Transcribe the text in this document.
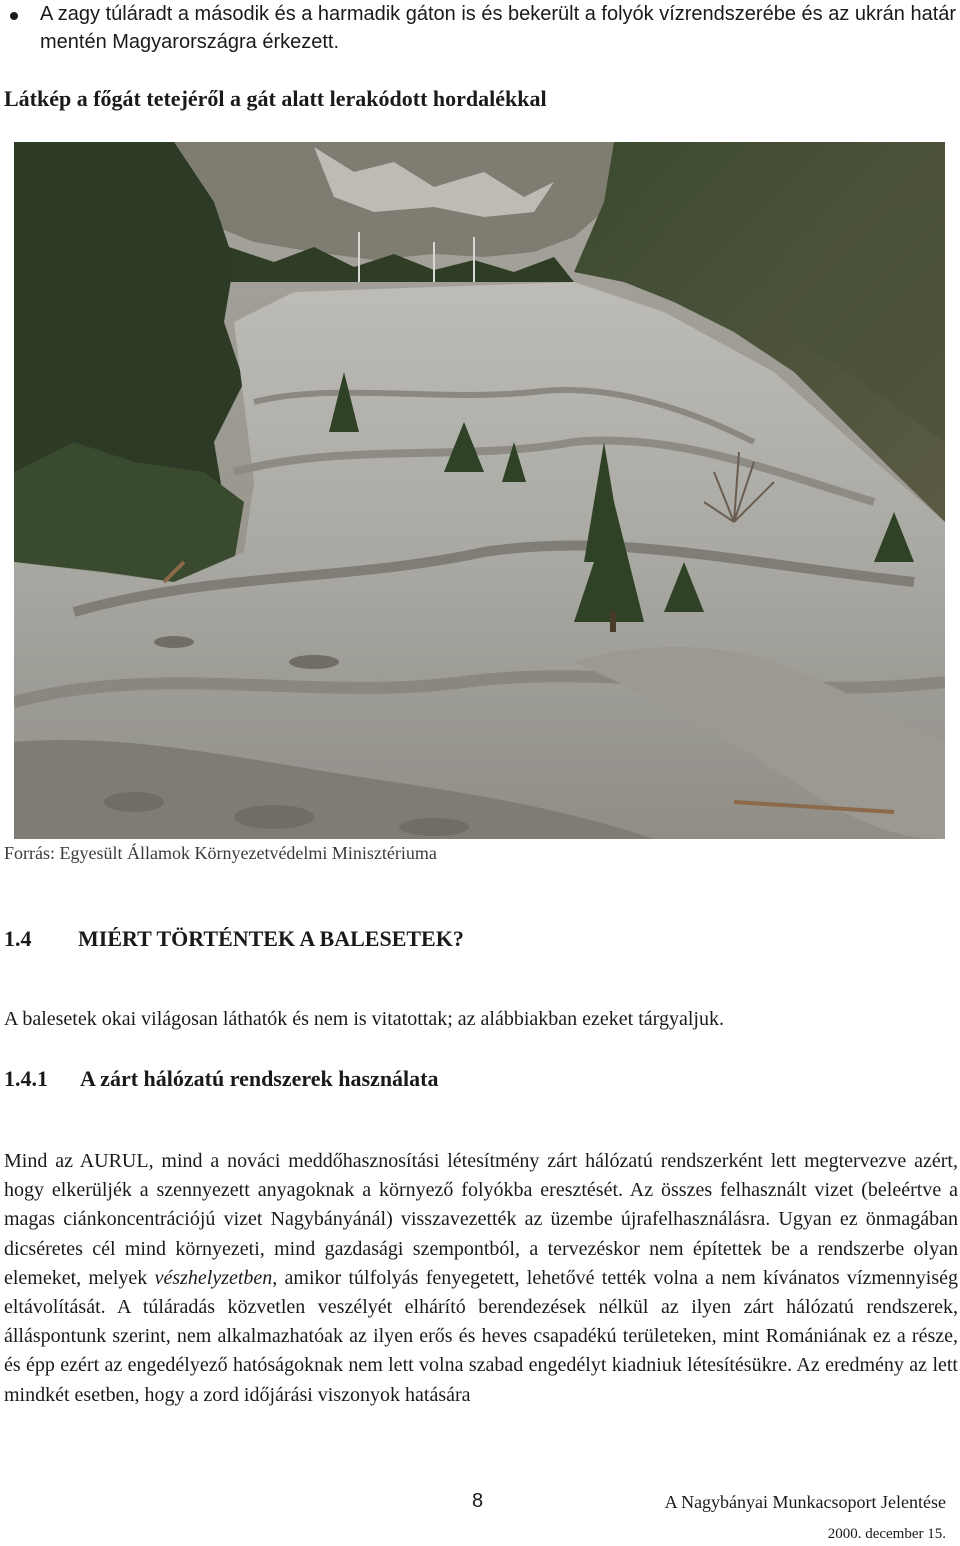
A zagy túláradt a második és a harmadik gáton is és bekerült a folyók vízrendszerébe és az ukrán határ mentén Magyarországra érkezett.
Látkép a főgát tetejéről a gát alatt lerakódott hordalékkal
Forrás: Egyesült Államok Környezetvédelmi Minisztériuma
1.4 MIÉRT TÖRTÉNTEK A BALESETEK?
A balesetek okai világosan láthatók és nem is vitatottak; az alábbiakban ezeket tárgyaljuk.
1.4.1 A zárt hálózatú rendszerek használata
Mind az AURUL, mind a nováci meddőhasznosítási létesítmény zárt hálózatú rendszerként lett megtervezve azért, hogy elkerüljék a szennyezett anyagoknak a környező folyókba eresztését. Az összes felhasznált vizet (beleértve a magas ciánkoncentrációjú vizet Nagybányánál) visszavezették az üzembe újrafelhasználásra. Ugyan ez önmagában dicséretes cél mind környezeti, mind gazdasági szempontból, a tervezéskor nem építettek be a rendszerbe olyan elemeket, melyek vészhelyzetben, amikor túlfolyás fenyegetett, lehetővé tették volna a nem kívánatos vízmennyiség eltávolítását. A túláradás közvetlen veszélyét elhárító berendezések nélkül az ilyen zárt hálózatú rendszerek, álláspontunk szerint, nem alkalmazhatóak az ilyen erős és heves csapadékú területeken, mint Romániának ez a része, és épp ezért az engedélyező hatóságoknak nem lett volna szabad engedélyt kiadniuk létesítésükre. Az eredmény az lett mindkét esetben, hogy a zord időjárási viszonyok hatására
8	A Nagybányai Munkacsoport Jelentése
2000. december 15.
